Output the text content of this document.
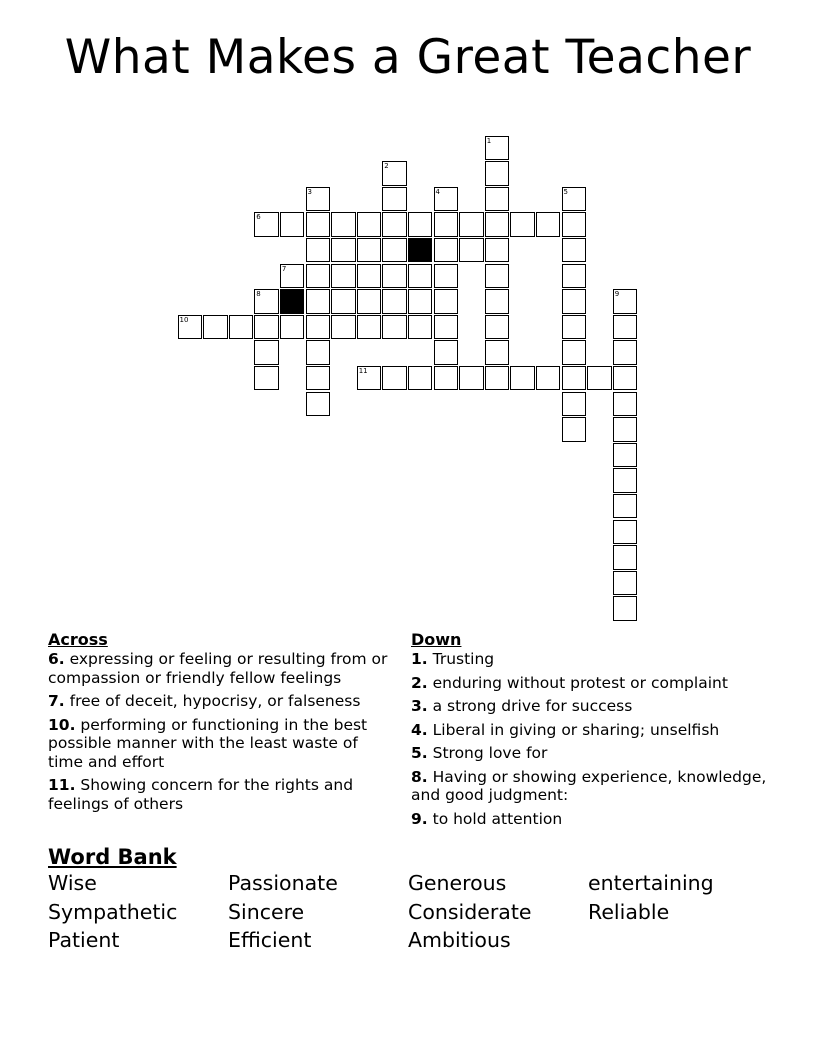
What Makes a Great Teacher
1
2
3	4	5
6
7
8	9
10
11
Across
6. expressing or feeling or resulting from or compassion or friendly fellow feelings
7. free of deceit, hypocrisy, or falseness
10. performing or functioning in the best possible manner with the least waste of time and effort
11. Showing concern for the rights and feelings of others
Down
1. Trusting
2. enduring without protest or complaint
3. a strong drive for success
4. Liberal in giving or sharing; unselfish
5. Strong love for
8. Having or showing experience, knowledge, and good judgment:
9. to hold attention
Word Bank
Wise	Passionate	Generous	entertaining
Sympathetic	Sincere	Considerate	Reliable
Patient	Efficient	Ambitious
